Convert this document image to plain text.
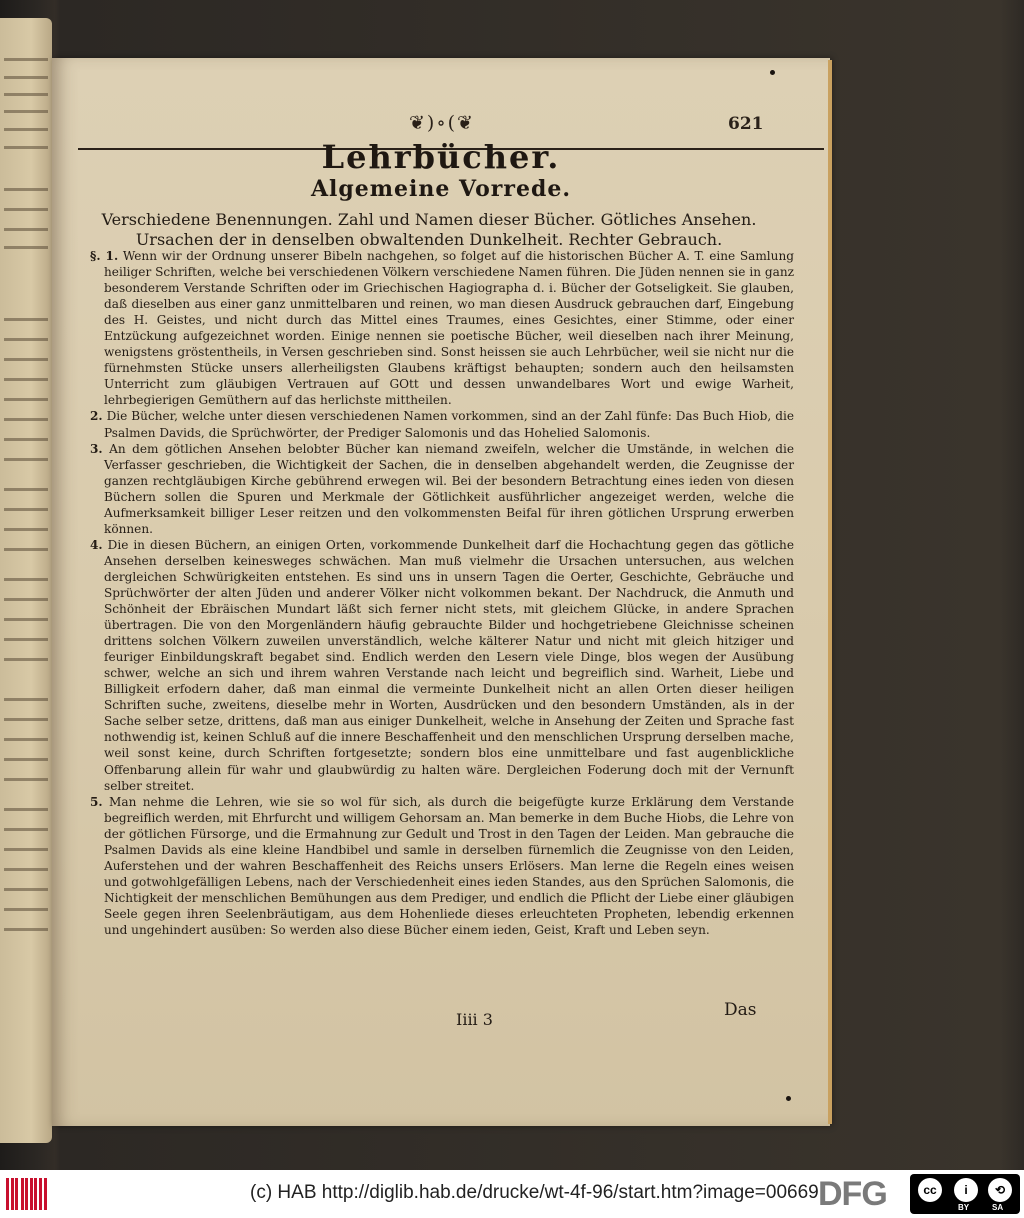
❦)∘(❦	621
Lehrbücher.
Algemeine Vorrede.
Verschiedene Benennungen. Zahl und Namen dieser Bücher. Götliches Ansehen. Ursachen der in denselben obwaltenden Dunkelheit. Rechter Gebrauch.

§. 1. Wenn wir der Ordnung unserer Bibeln nachgehen, so folget auf die historischen Bücher A. T. eine Samlung heiliger Schriften, welche bei verschiedenen Völkern verschiedene Namen führen. Die Jüden nennen sie in ganz besonderem Verstande Schriften oder im Griechischen Hagiographa d. i. Bücher der Gotseligkeit. Sie glauben, daß dieselben aus einer ganz unmittelbaren und reinen, wo man diesen Ausdruck gebrauchen darf, Eingebung des H. Geistes, und nicht durch das Mittel eines Traumes, eines Gesichtes, einer Stimme, oder einer Entzückung aufgezeichnet worden. Einige nennen sie poetische Bücher, weil dieselben nach ihrer Meinung, wenigstens gröstentheils, in Versen geschrieben sind. Sonst heissen sie auch Lehrbücher, weil sie nicht nur die fürnehmsten Stücke unsers allerheiligsten Glaubens kräftigst behaupten; sondern auch den heilsamsten Unterricht zum gläubigen Vertrauen auf GOtt und dessen unwandelbares Wort und ewige Warheit, lehrbegierigen Gemüthern auf das herlichste mittheilen.

2. Die Bücher, welche unter diesen verschiedenen Namen vorkommen, sind an der Zahl fünfe: Das Buch Hiob, die Psalmen Davids, die Sprüchwörter, der Prediger Salomonis und das Hohelied Salomonis.

3. An dem götlichen Ansehen belobter Bücher kan niemand zweifeln, welcher die Umstände, in welchen die Verfasser geschrieben, die Wichtigkeit der Sachen, die in denselben abgehandelt werden, die Zeugnisse der ganzen rechtgläubigen Kirche gebührend erwegen wil. Bei der besondern Betrachtung eines ieden von diesen Büchern sollen die Spuren und Merkmale der Götlichkeit ausführlicher angezeiget werden, welche die Aufmerksamkeit billiger Leser reitzen und den volkommensten Beifal für ihren götlichen Ursprung erwerben können.

4. Die in diesen Büchern, an einigen Orten, vorkommende Dunkelheit darf die Hochachtung gegen das götliche Ansehen derselben keinesweges schwächen. Man muß vielmehr die Ursachen untersuchen, aus welchen dergleichen Schwürigkeiten entstehen. Es sind uns in unsern Tagen die Oerter, Geschichte, Gebräuche und Sprüchwörter der alten Jüden und anderer Völker nicht volkommen bekant. Der Nachdruck, die Anmuth und Schönheit der Ebräischen Mundart läßt sich ferner nicht stets, mit gleichem Glücke, in andere Sprachen übertragen. Die von den Morgenländern häufig gebrauchte Bilder und hochgetriebene Gleichnisse scheinen drittens solchen Völkern zuweilen unverständlich, welche kälterer Natur und nicht mit gleich hitziger und feuriger Einbildungskraft begabet sind. Endlich werden den Lesern viele Dinge, blos wegen der Ausübung schwer, welche an sich und ihrem wahren Verstande nach leicht und begreiflich sind. Warheit, Liebe und Billigkeit erfodern daher, daß man einmal die vermeinte Dunkelheit nicht an allen Orten dieser heiligen Schriften suche, zweitens, dieselbe mehr in Worten, Ausdrücken und den besondern Umständen, als in der Sache selber setze, drittens, daß man aus einiger Dunkelheit, welche in Ansehung der Zeiten und Sprache fast nothwendig ist, keinen Schluß auf die innere Beschaffenheit und den menschlichen Ursprung derselben mache, weil sonst keine, durch Schriften fortgesetzte; sondern blos eine unmittelbare und fast augenblickliche Offenbarung allein für wahr und glaubwürdig zu halten wäre. Dergleichen Foderung doch mit der Vernunft selber streitet.

5. Man nehme die Lehren, wie sie so wol für sich, als durch die beigefügte kurze Erklärung dem Verstande begreiflich werden, mit Ehrfurcht und willigem Gehorsam an. Man bemerke in dem Buche Hiobs, die Lehre von der götlichen Fürsorge, und die Ermahnung zur Gedult und Trost in den Tagen der Leiden. Man gebrauche die Psalmen Davids als eine kleine Handbibel und samle in derselben fürnemlich die Zeugnisse von den Leiden, Auferstehen und der wahren Beschaffenheit des Reichs unsers Erlösers. Man lerne die Regeln eines weisen und gotwohlgefälligen Lebens, nach der Verschiedenheit eines ieden Standes, aus den Sprüchen Salomonis, die Nichtigkeit der menschlichen Bemühungen aus dem Prediger, und endlich die Pflicht der Liebe einer gläubigen Seele gegen ihren Seelenbräutigam, aus dem Hohenliede dieses erleuchteten Propheten, lebendig erkennen und ungehindert ausüben: So werden also diese Bücher einem ieden, Geist, Kraft und Leben seyn.

Iiii 3	Das
(c) HAB http://diglib.hab.de/drucke/wt-4f-96/start.htm?image=00669 DFG	cc	i	⟲
BY	SA
